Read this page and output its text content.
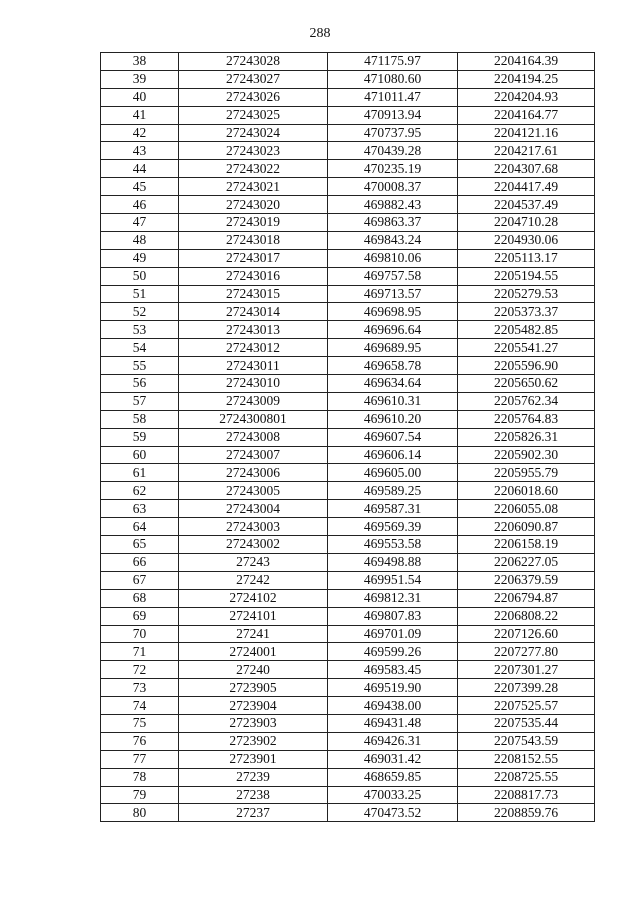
288
38	27243028	471175.97	2204164.39
39	27243027	471080.60	2204194.25
40	27243026	471011.47	2204204.93
41	27243025	470913.94	2204164.77
42	27243024	470737.95	2204121.16
43	27243023	470439.28	2204217.61
44	27243022	470235.19	2204307.68
45	27243021	470008.37	2204417.49
46	27243020	469882.43	2204537.49
47	27243019	469863.37	2204710.28
48	27243018	469843.24	2204930.06
49	27243017	469810.06	2205113.17
50	27243016	469757.58	2205194.55
51	27243015	469713.57	2205279.53
52	27243014	469698.95	2205373.37
53	27243013	469696.64	2205482.85
54	27243012	469689.95	2205541.27
55	27243011	469658.78	2205596.90
56	27243010	469634.64	2205650.62
57	27243009	469610.31	2205762.34
58	2724300801	469610.20	2205764.83
59	27243008	469607.54	2205826.31
60	27243007	469606.14	2205902.30
61	27243006	469605.00	2205955.79
62	27243005	469589.25	2206018.60
63	27243004	469587.31	2206055.08
64	27243003	469569.39	2206090.87
65	27243002	469553.58	2206158.19
66	27243	469498.88	2206227.05
67	27242	469951.54	2206379.59
68	2724102	469812.31	2206794.87
69	2724101	469807.83	2206808.22
70	27241	469701.09	2207126.60
71	2724001	469599.26	2207277.80
72	27240	469583.45	2207301.27
73	2723905	469519.90	2207399.28
74	2723904	469438.00	2207525.57
75	2723903	469431.48	2207535.44
76	2723902	469426.31	2207543.59
77	2723901	469031.42	2208152.55
78	27239	468659.85	2208725.55
79	27238	470033.25	2208817.73
80	27237	470473.52	2208859.76
